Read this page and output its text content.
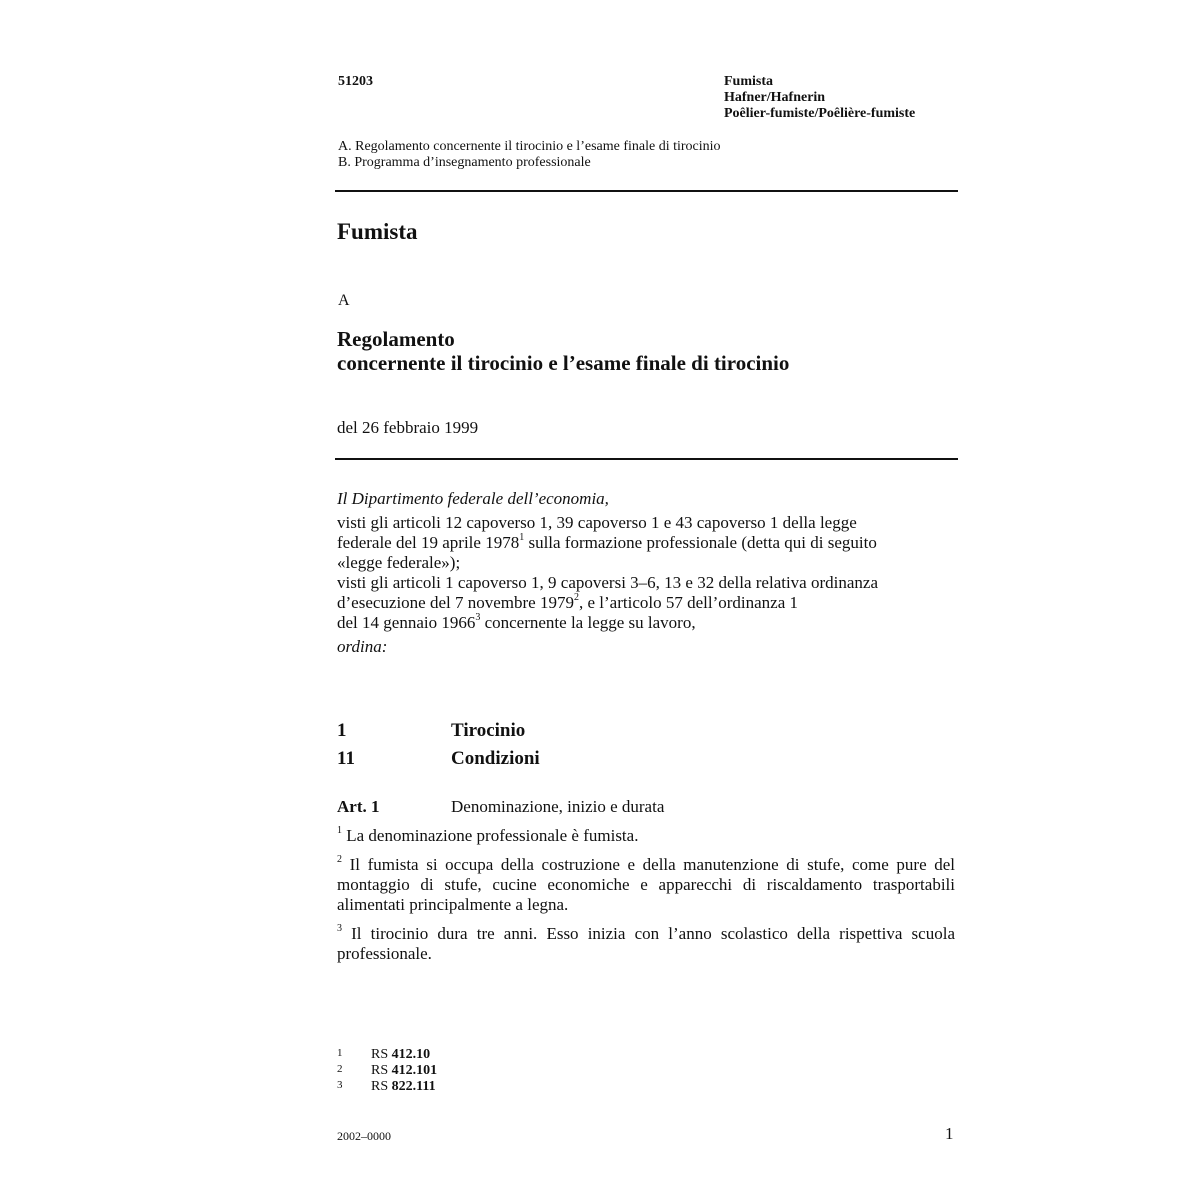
51203	Fumista
Hafner/Hafnerin
Poêlier-fumiste/Poêlière-fumiste
A. Regolamento concernente il tirocinio e l’esame finale di tirocinio
B. Programma d’insegnamento professionale
Fumista
A
Regolamento
concernente il tirocinio e l’esame finale di tirocinio
del 26 febbraio 1999
Il Dipartimento federale dell’economia,
visti gli articoli 12 capoverso 1, 39 capoverso 1 e 43 capoverso 1 della legge
federale del 19 aprile 1978$^1$ sulla formazione professionale (detta qui di seguito
«legge federale»);
visti gli articoli 1 capoverso 1, 9 capoversi 3–6, 13 e 32 della relativa ordinanza
d’esecuzione del 7 novembre 1979$^2$, e l’articolo 57 dell’ordinanza 1
del 14 gennaio 1966$^3$ concernente la legge su lavoro,
ordina:
1	Tirocinio
11	Condizioni
Art. 1	Denominazione, inizio e durata
$^1$ La denominazione professionale è fumista.
$^2$ Il fumista si occupa della costruzione e della manutenzione di stufe, come pure del montaggio di stufe, cucine economiche e apparecchi di riscaldamento trasportabili alimentati principalmente a legna.
$^3$ Il tirocinio dura tre anni. Esso inizia con l’anno scolastico della rispettiva scuola professionale.
1 RS 412.10
2 RS 412.101
3 RS 822.111
2002–0000	1
